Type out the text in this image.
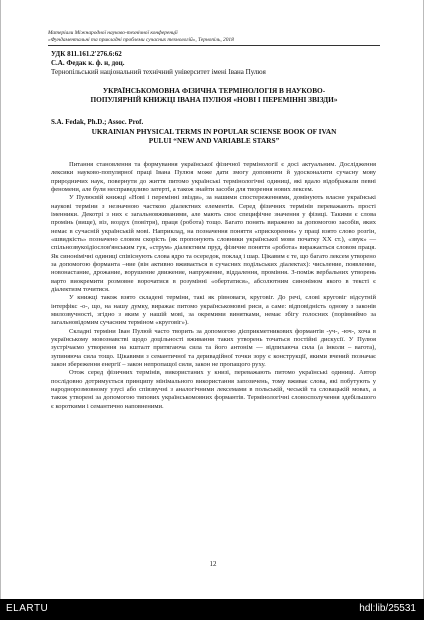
Матеріали Міжнародної науково-технічної конференції
«Фундаментальні та прикладні проблеми сучасних технологій», Тернопіль, 2018
УДК 811.161.2'276.6:62
С.А. Федак к. ф. н, доц.
Тернопільський національний технічний університет імені Івана Пулюя
УКРАЇНСЬКОМОВНА ФІЗИЧНА ТЕРМІНОЛОГІЯ В НАУКОВО-
ПОПУЛЯРНІЙ КНИЖЦІ ІВАНА ПУЛЮЯ «НОВІ І ПЕРЕМІННІ ЗВІЗДИ»
S.A. Fedak, Ph.D.; Assoc. Prof.
UKRAINIAN PHYSICAL TERMS IN POPULAR SCIENSE BOOK OF IVAN
PULUI “NEW AND VARIABLE STARS”

Питання становлення та формування української фізичної термінології є досі актуальним. Дослідження лексики науково-популярної праці Івана Пулюя може дати змогу доповнити й удосконалити сучасну мову природничих наук, повернути до життя питомо українські термінологічні одиниці, які вдало відображали певні феномени, але були несправедливо затерті, а також знайти засоби для творення нових лексем.

У Пулюєвій книжці «Нові і перемінні звізди», за нашими спостереженнями, домінують власне українські наукові терміни з незначною часткою діалектних елементів. Серед фізичних термінів переважають прості іменники. Декотрі з них є загальновживаними, але мають своє специфічне значення у фізиці. Такими є слова промінь (вище), віз, воздух (повітря), праця (робота) тощо. Багато понять виражено за допомогою засобів, яких немає в сучасній українській мові. Наприклад, на позначення поняття «прискорення» у праці взято слово розгін, «швидкість» позначено словом скорість (як пропонують словники української мови початку ХХ ст.), «звук» — спільнозвукоідіослов'янським гук, «струм» діалектним пруд, фізичне поняття «робота» виражається словом праця. Як синонімічні одиниці співіснують слова ядро та осередок, поклад і шар. Цікавим є те, що багато лексем утворено за допомогою форманта –ние (він активно вживається в сучасних подільських діалектах): чисьление, появление, новонастание, дрожание, ворушение движение, напружение, віддалення, проміння. З-поміж вербальних утворень варто виокремити розмовне ворочатися в розумінні «обертатися», абсолютним синонімом якого в тексті є діалектизм точитися.

У книжці також взято складені терміни, такі як рівноваги, круговіг. До речі, слові круговіг відсутній інтерфікс -о-, що, на нашу думку, виражає питомо українськомовні риси, а саме: відповідність однову з законів милозвучності, згідно з яким у нашій мові, за окремими винятками, немає збігу голосних (порівняймо за загальновідомим сучасним терміном «круговіг»).

Складні терміни Іван Пулюй часто творить за допомогою дієприкметникових формантів -уч-, -юч-, хоча в українському мовознавстві щодо доцільності вживання таких утворень точаться постійні дискусії. У Пулюя зустрічаємо утворення на кшталт притягаюча сила та його антонім — відпихаюча сила (а інколи – вагота), зупиняюча сила тощо. Цікавими з семантичної та деривадійної точки зору є конструкції, якими вчений позначає закон збереження енергії – закон непропащої сили, закон не пропащого руху.

Отож серед фізичних термінів, використаних у книзі, переважають питомо українські одиниці. Автор послідовно дотримується принципу мінімального використання запозичень, тому вживає слова, які побутують у народнорозмовному узусі або співзвучні з аналогічними лексемами в польській, чеській та словацькій мовах, а також утворені за допомогою типових українськомовних формантів. Термінологічні словосполучення здебільшого є короткими і семантично наповненими.

12
ELARTU	hdl:lib/25531
